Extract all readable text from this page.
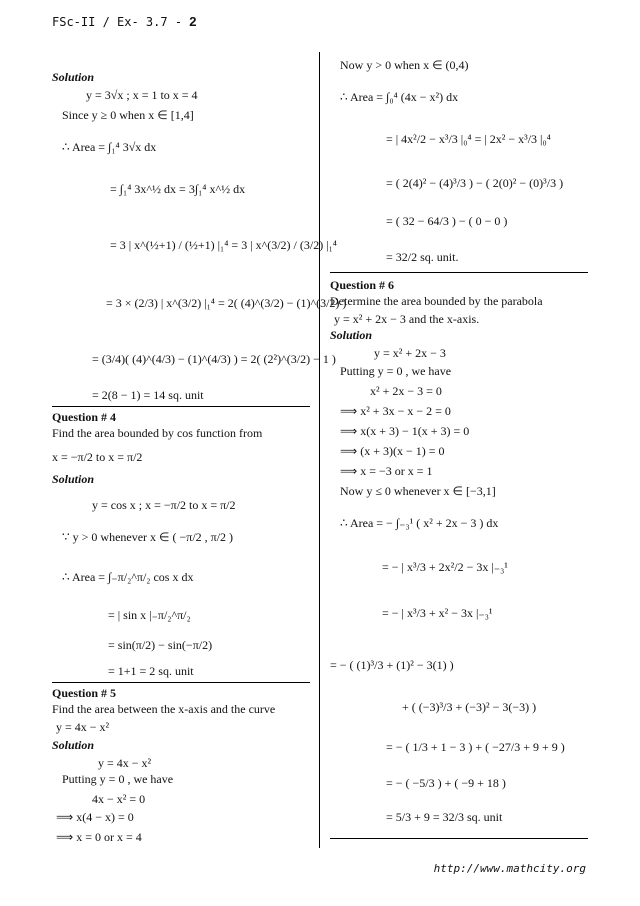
FSc-II / Ex- 3.7 - 2
Solution
y = 3√x ; x = 1 to x = 4
Since y ≥ 0 when x ∈ [1,4]
∴ Area = ∫₁⁴ 3√x dx
= ∫₁⁴ 3x^½ dx = 3∫₁⁴ x^½ dx
= 3 | x^(½+1) / (½+1) |₁⁴ = 3 | x^(3/2) / (3/2) |₁⁴
= 3 × (2/3) | x^(3/2) |₁⁴ = 2( (4)^(3/2) − (1)^(3/2) )
= (3/4)( (4)^(4/3) − (1)^(4/3) ) = 2( (2²)^(3/2) − 1 )
= 2(8 − 1) = 14 sq. unit
Question # 4
Find the area bounded by cos function from
x = −π/2 to x = π/2
Solution
y = cos x ; x = −π/2 to x = π/2
∵ y > 0 whenever x ∈ ( −π/2 , π/2 )
∴ Area = ∫₋π/₂^π/₂ cos x dx
= | sin x |₋π/₂^π/₂
= sin(π/2) − sin(−π/2)
= 1+1 = 2 sq. unit
Question # 5
Find the area between the x-axis and the curve
y = 4x − x²
Solution
y = 4x − x²
Putting y = 0 , we have
4x − x² = 0
⟹ x(4 − x) = 0
⟹ x = 0 or x = 4
Now y > 0 when x ∈ (0,4)
∴ Area = ∫₀⁴ (4x − x²) dx
= | 4x²/2 − x³/3 |₀⁴ = | 2x² − x³/3 |₀⁴
= ( 2(4)² − (4)³/3 ) − ( 2(0)² − (0)³/3 )
= ( 32 − 64/3 ) − ( 0 − 0 )
= 32/2 sq. unit.
Question # 6
Determine the area bounded by the parabola
y = x² + 2x − 3 and the x-axis.
Solution
y = x² + 2x − 3
Putting y = 0 , we have
x² + 2x − 3 = 0
⟹ x² + 3x − x − 2 = 0
⟹ x(x + 3) − 1(x + 3) = 0
⟹ (x + 3)(x − 1) = 0
⟹ x = −3 or x = 1
Now y ≤ 0 whenever x ∈ [−3,1]
∴ Area = − ∫₋₃¹ ( x² + 2x − 3 ) dx
= − | x³/3 + 2x²/2 − 3x |₋₃¹
= − | x³/3 + x² − 3x |₋₃¹
= − ( (1)³/3 + (1)² − 3(1) )
+ ( (−3)³/3 + (−3)² − 3(−3) )
= − ( 1/3 + 1 − 3 ) + ( −27/3 + 9 + 9 )
= − ( −5/3 ) + ( −9 + 18 )
= 5/3 + 9 = 32/3 sq. unit
http://www.mathcity.org
